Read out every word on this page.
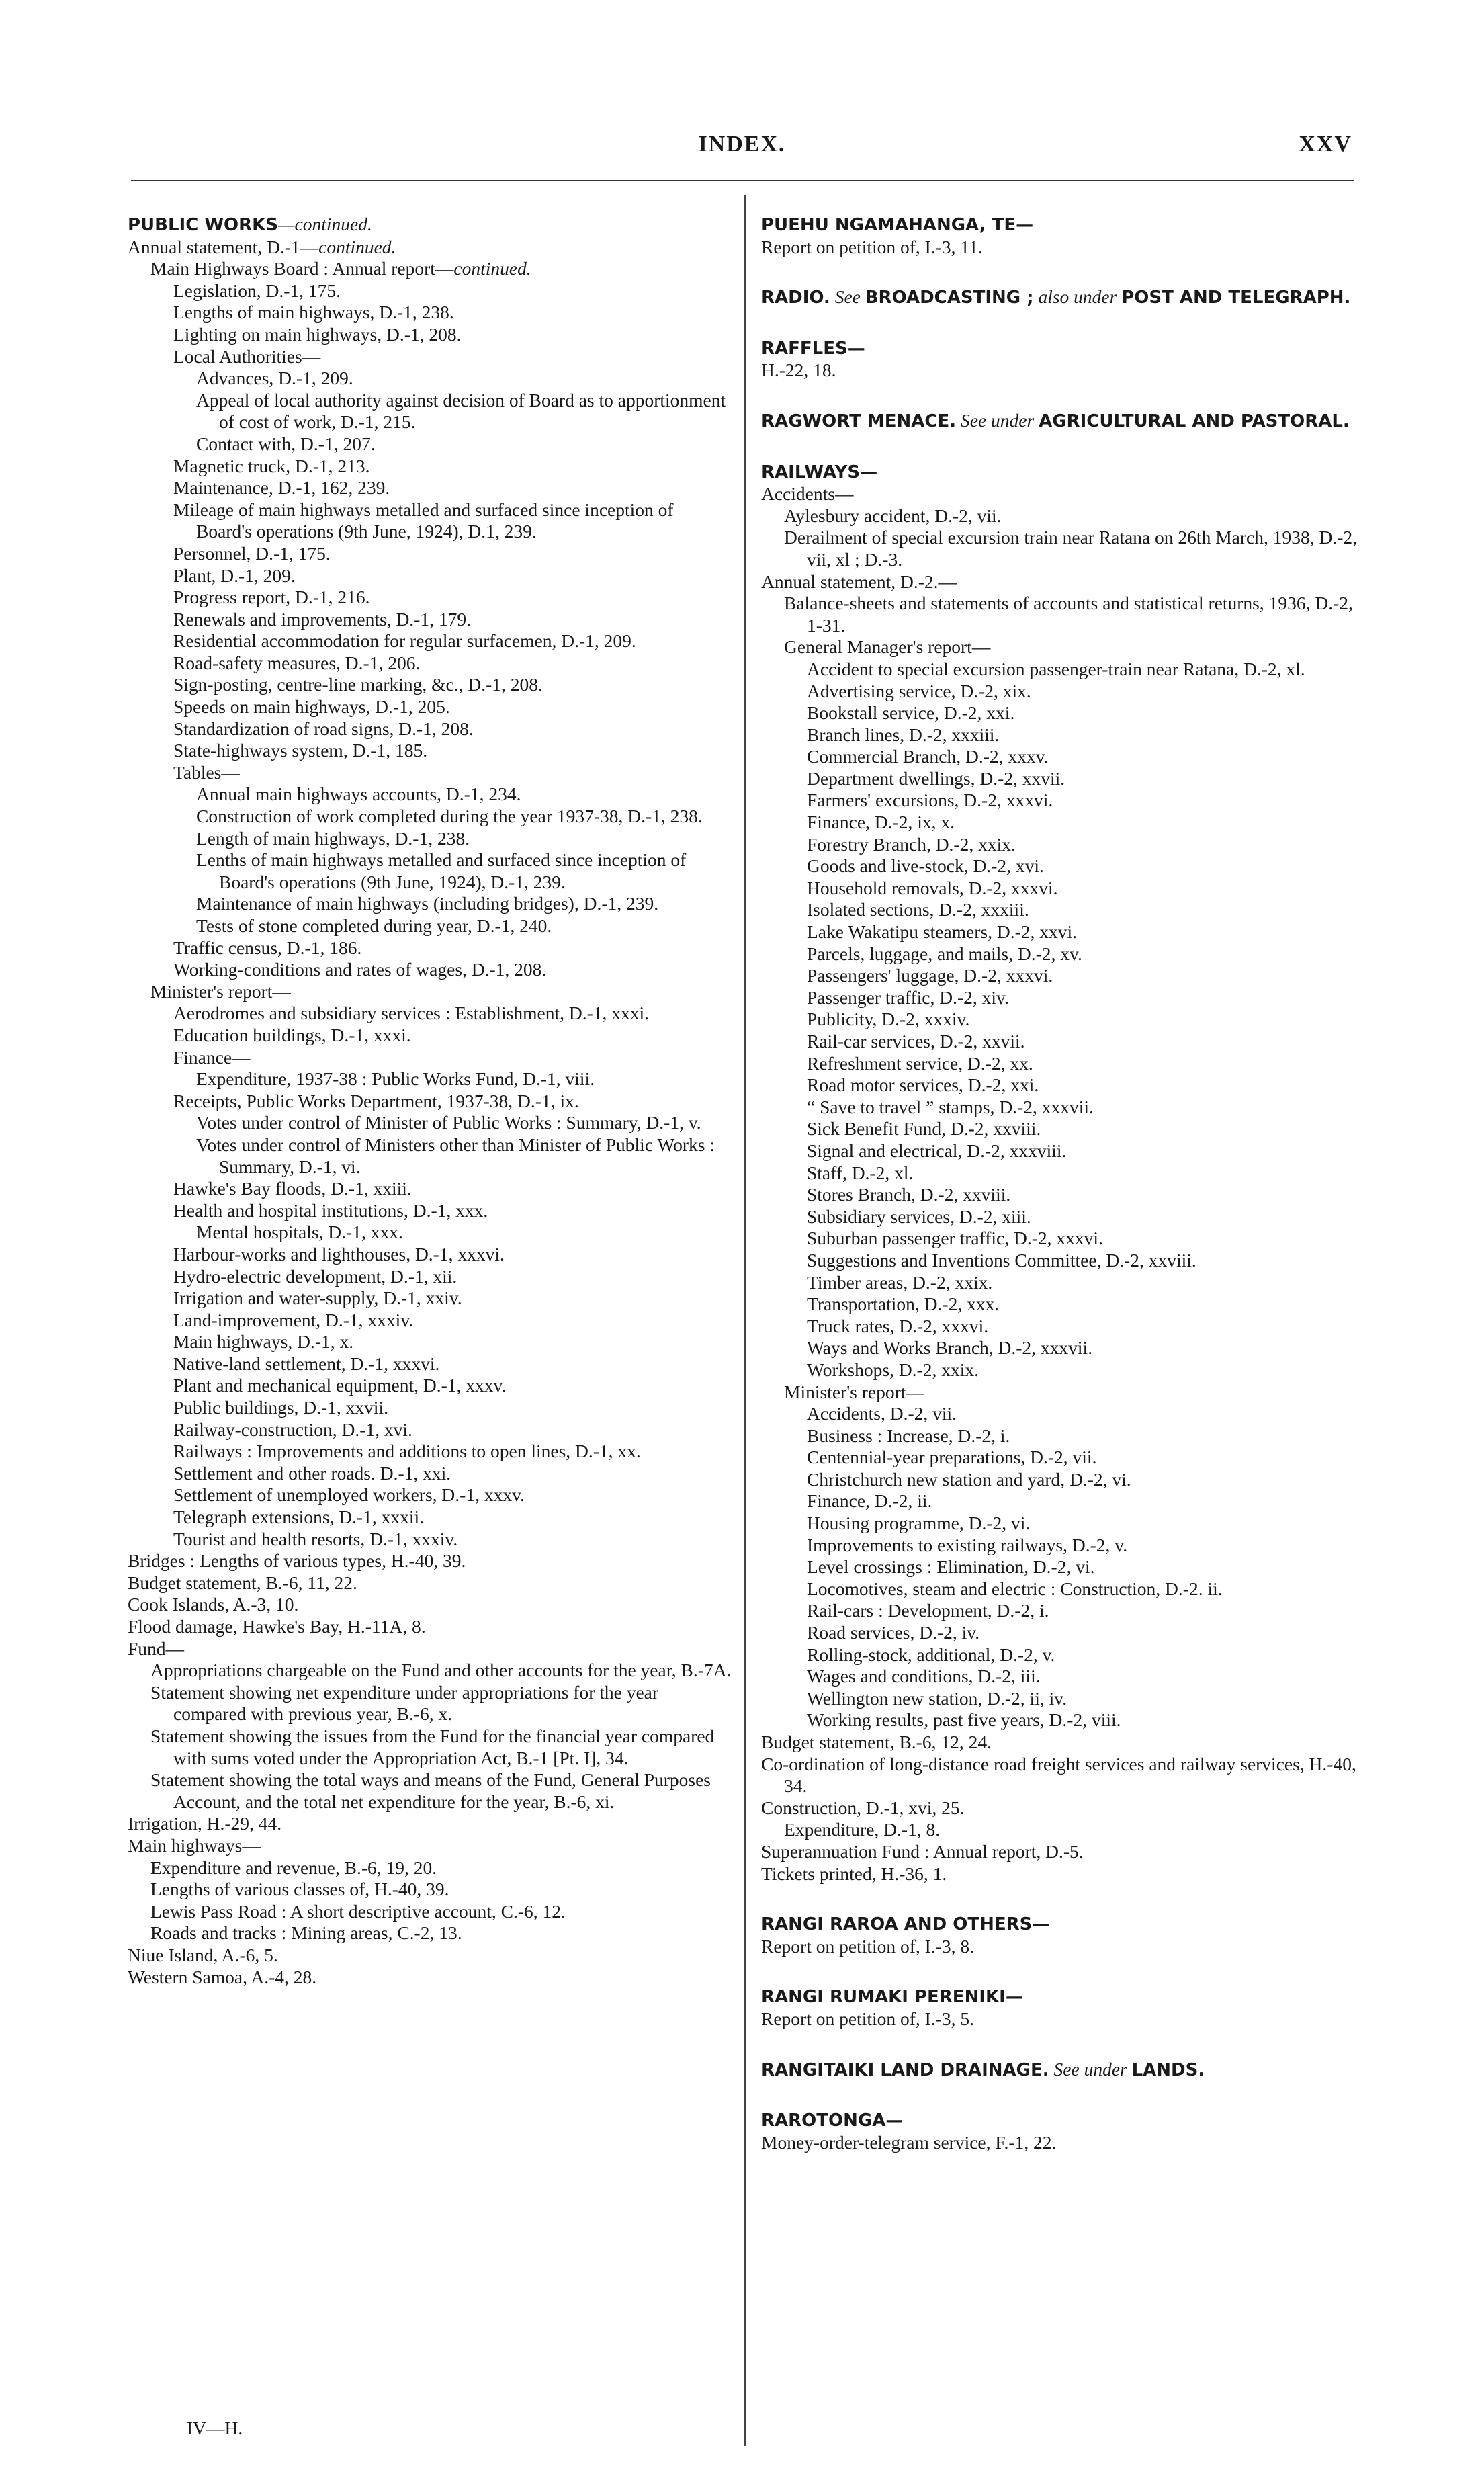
INDEX.	XXV
PUBLIC WORKS—continued.
Annual statement, D.-1—continued.
Main Highways Board : Annual report—continued.
Legislation, D.-1, 175.
Lengths of main highways, D.-1, 238.
Lighting on main highways, D.-1, 208.
Local Authorities—
Advances, D.-1, 209.
Appeal of local authority against decision of Board as to apportionment of cost of work, D.-1, 215.
Contact with, D.-1, 207.
Magnetic truck, D.-1, 213.
Maintenance, D.-1, 162, 239.
Mileage of main highways metalled and surfaced since inception of Board's operations (9th June, 1924), D.1, 239.
Personnel, D.-1, 175.
Plant, D.-1, 209.
Progress report, D.-1, 216.
Renewals and improvements, D.-1, 179.
Residential accommodation for regular surfacemen, D.-1, 209.
Road-safety measures, D.-1, 206.
Sign-posting, centre-line marking, &c., D.-1, 208.
Speeds on main highways, D.-1, 205.
Standardization of road signs, D.-1, 208.
State-highways system, D.-1, 185.
Tables—
Annual main highways accounts, D.-1, 234.
Construction of work completed during the year 1937-38, D.-1, 238.
Length of main highways, D.-1, 238.
Lenths of main highways metalled and surfaced since inception of Board's operations (9th June, 1924), D.-1, 239.
Maintenance of main highways (including bridges), D.-1, 239.
Tests of stone completed during year, D.-1, 240.
Traffic census, D.-1, 186.
Working-conditions and rates of wages, D.-1, 208.
Minister's report—
Aerodromes and subsidiary services : Establishment, D.-1, xxxi.
Education buildings, D.-1, xxxi.
Finance—
Expenditure, 1937-38 : Public Works Fund, D.-1, viii.
Receipts, Public Works Department, 1937-38, D.-1, ix.
Votes under control of Minister of Public Works : Summary, D.-1, v.
Votes under control of Ministers other than Minister of Public Works : Summary, D.-1, vi.
Hawke's Bay floods, D.-1, xxiii.
Health and hospital institutions, D.-1, xxx.
Mental hospitals, D.-1, xxx.
Harbour-works and lighthouses, D.-1, xxxvi.
Hydro-electric development, D.-1, xii.
Irrigation and water-supply, D.-1, xxiv.
Land-improvement, D.-1, xxxiv.
Main highways, D.-1, x.
Native-land settlement, D.-1, xxxvi.
Plant and mechanical equipment, D.-1, xxxv.
Public buildings, D.-1, xxvii.
Railway-construction, D.-1, xvi.
Railways : Improvements and additions to open lines, D.-1, xx.
Settlement and other roads. D.-1, xxi.
Settlement of unemployed workers, D.-1, xxxv.
Telegraph extensions, D.-1, xxxii.
Tourist and health resorts, D.-1, xxxiv.
Bridges : Lengths of various types, H.-40, 39.
Budget statement, B.-6, 11, 22.
Cook Islands, A.-3, 10.
Flood damage, Hawke's Bay, H.-11A, 8.
Fund—
Appropriations chargeable on the Fund and other accounts for the year, B.-7A.
Statement showing net expenditure under appropriations for the year compared with previous year, B.-6, x.
Statement showing the issues from the Fund for the financial year compared with sums voted under the Appropriation Act, B.-1 [Pt. I], 34.
Statement showing the total ways and means of the Fund, General Purposes Account, and the total net expenditure for the year, B.-6, xi.
Irrigation, H.-29, 44.
Main highways—
Expenditure and revenue, B.-6, 19, 20.
Lengths of various classes of, H.-40, 39.
Lewis Pass Road : A short descriptive account, C.-6, 12.
Roads and tracks : Mining areas, C.-2, 13.
Niue Island, A.-6, 5.
Western Samoa, A.-4, 28.
PUEHU NGAMAHANGA, TE—
Report on petition of, I.-3, 11.
RADIO. See BROADCASTING ; also under POST AND TELEGRAPH.
RAFFLES—
H.-22, 18.
RAGWORT MENACE. See under AGRICULTURAL AND PASTORAL.
RAILWAYS—
Accidents—
Aylesbury accident, D.-2, vii.
Derailment of special excursion train near Ratana on 26th March, 1938, D.-2, vii, xl ; D.-3.
Annual statement, D.-2.—
Balance-sheets and statements of accounts and statistical returns, 1936, D.-2, 1-31.
General Manager's report—
Accident to special excursion passenger-train near Ratana, D.-2, xl.
Advertising service, D.-2, xix.
Bookstall service, D.-2, xxi.
Branch lines, D.-2, xxxiii.
Commercial Branch, D.-2, xxxv.
Department dwellings, D.-2, xxvii.
Farmers' excursions, D.-2, xxxvi.
Finance, D.-2, ix, x.
Forestry Branch, D.-2, xxix.
Goods and live-stock, D.-2, xvi.
Household removals, D.-2, xxxvi.
Isolated sections, D.-2, xxxiii.
Lake Wakatipu steamers, D.-2, xxvi.
Parcels, luggage, and mails, D.-2, xv.
Passengers' luggage, D.-2, xxxvi.
Passenger traffic, D.-2, xiv.
Publicity, D.-2, xxxiv.
Rail-car services, D.-2, xxvii.
Refreshment service, D.-2, xx.
Road motor services, D.-2, xxi.
“ Save to travel ” stamps, D.-2, xxxvii.
Sick Benefit Fund, D.-2, xxviii.
Signal and electrical, D.-2, xxxviii.
Staff, D.-2, xl.
Stores Branch, D.-2, xxviii.
Subsidiary services, D.-2, xiii.
Suburban passenger traffic, D.-2, xxxvi.
Suggestions and Inventions Committee, D.-2, xxviii.
Timber areas, D.-2, xxix.
Transportation, D.-2, xxx.
Truck rates, D.-2, xxxvi.
Ways and Works Branch, D.-2, xxxvii.
Workshops, D.-2, xxix.
Minister's report—
Accidents, D.-2, vii.
Business : Increase, D.-2, i.
Centennial-year preparations, D.-2, vii.
Christchurch new station and yard, D.-2, vi.
Finance, D.-2, ii.
Housing programme, D.-2, vi.
Improvements to existing railways, D.-2, v.
Level crossings : Elimination, D.-2, vi.
Locomotives, steam and electric : Construction, D.-2. ii.
Rail-cars : Development, D.-2, i.
Road services, D.-2, iv.
Rolling-stock, additional, D.-2, v.
Wages and conditions, D.-2, iii.
Wellington new station, D.-2, ii, iv.
Working results, past five years, D.-2, viii.
Budget statement, B.-6, 12, 24.
Co-ordination of long-distance road freight services and railway services, H.-40, 34.
Construction, D.-1, xvi, 25.
Expenditure, D.-1, 8.
Superannuation Fund : Annual report, D.-5.
Tickets printed, H.-36, 1.
RANGI RAROA AND OTHERS—
Report on petition of, I.-3, 8.
RANGI RUMAKI PERENIKI—
Report on petition of, I.-3, 5.
RANGITAIKI LAND DRAINAGE. See under LANDS.
RAROTONGA—
Money-order-telegram service, F.-1, 22.
IV—H.
